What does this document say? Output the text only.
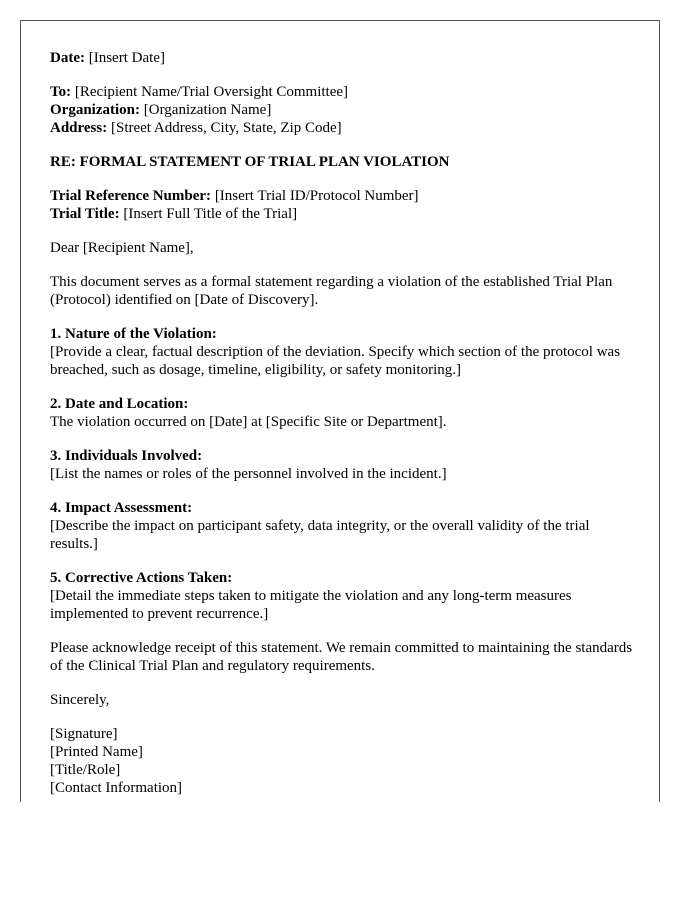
Date: [Insert Date]
To: [Recipient Name/Trial Oversight Committee]
Organization: [Organization Name]
Address: [Street Address, City, State, Zip Code]
RE: FORMAL STATEMENT OF TRIAL PLAN VIOLATION
Trial Reference Number: [Insert Trial ID/Protocol Number]
Trial Title: [Insert Full Title of the Trial]
Dear [Recipient Name],
This document serves as a formal statement regarding a violation of the established Trial Plan (Protocol) identified on [Date of Discovery].
1. Nature of the Violation:
[Provide a clear, factual description of the deviation. Specify which section of the protocol was breached, such as dosage, timeline, eligibility, or safety monitoring.]
2. Date and Location:
The violation occurred on [Date] at [Specific Site or Department].
3. Individuals Involved:
[List the names or roles of the personnel involved in the incident.]
4. Impact Assessment:
[Describe the impact on participant safety, data integrity, or the overall validity of the trial results.]
5. Corrective Actions Taken:
[Detail the immediate steps taken to mitigate the violation and any long-term measures implemented to prevent recurrence.]
Please acknowledge receipt of this statement. We remain committed to maintaining the standards of the Clinical Trial Plan and regulatory requirements.
Sincerely,
[Signature]
[Printed Name]
[Title/Role]
[Contact Information]
